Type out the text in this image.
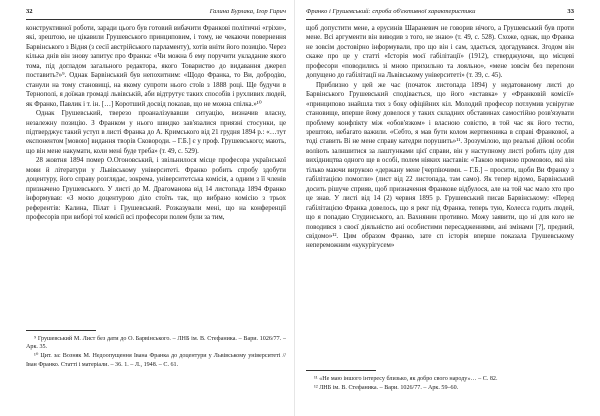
32	Галина Бурлака, Ігор Гирич

конструктивної роботи, заради цього був готовий вибачити Франкові політичні «гріхи», які, зрештою, не цікавили Грушевського принциповим, і тому, не чекаючи повернення Барвінського з Відня (з сесії австрійського парламенту), хотів вніти його позицію. Через кілька днів він знову запитує про Франка: «Чи можна б ему поручити укладание якого тома, під догладом загального редактора, якого Товариство до видавання джерел поставить?»⁹. Однак Барвінський був непохитним: «Щодо Франка, то Ви, добродію, станули на тому становищі, на якому супроти нього стоїв з 1888 році. Ще будучи в Тернополі, я доїжав громаді львівській, аби відтрутує таких способів і рухливих людей, як Франко, Павлик і т. ін. […] Коротший досвід показав, що не можна спілка.»¹⁰

Однак Грушевський, тверезо проаналізувавши ситуацію, визначив власну, незалежну позицію. З Франком у нього швидко зав'язалися приязні стосунки, це підтверджує такий уступ в листі Франка до А. Кримського від 21 грудня 1894 р.: «…тут експонентом [мовою] видання творів Сковороди. – Г.Б.] є у проф. Грушевського; мають, що він мене накумати, коли мені буде треба» (т. 49, с. 529).

28 жовтня 1894 помер О.Огоновський, і звільнилося місце професора української мови й літератури у Львівському університеті. Франко робить спробу здобути доцентуру, його справу розглядає, зокрема, університетська комісія, а одним з її членів призначено Грушевського. У листі до М. Драгоманова від 14 листопада 1894 Франко інформував: «З моєю доцентурою діло стоїть так, що вибрано комісію з трьох референтів: Калина, Пілат і Грушевський. Розказували мені, що на конференції професорів при виборі тої комісії всі професори полем були за тим,

⁹ Грушевський М. Лист без дати до О. Барвінського. – ЛНБ ім. В. Стефаника. – Вари. 1026/77. – Арк. 35.

¹⁰ Цит. за: Возняк М. Недоопущення Івана Франка до доцентури у Львівському університеті // Іван Франко. Статті і матеріали. – 36. 1. – Л., 1948. – С. 61.

Франко і Грушевський: спроба об'єктивної характеристики	33

щоб допустити мене, а ерусинів Шараневич не говорив нічого, а Грушевський був проти мене. Всі аргументи він виводив з того, не знаю» (т. 49, с. 528). Схоже, однак, що Франка не зовсім достовірно інформували, про що він і сам, здається, здогадувався. Згодом він скаже про це у статті «Історія моєї габілітації» (1912), стверджуючи, що місцеві професори «поводились зі мною прихильно та лояльно», «мене зовсім без перепони допущено до габілітації на Львівському університеті» (т. 39, с. 45).

Приблизно у цей же час (початок листопада 1894) у недатованому листі до Барвінського Грушевський сподівається, що його «вставка» у «Франковій комісії» «принципово знайшла тих з боку офіційних кіл. Молодий професор потлумив усвіругне становище, вперше йому довелося у таких складних обставинах самостійно розв'язувати проблему конфлікту між «обов'язком» і власною совістю, в той час як його тестю, зрештою, небагато важили. «Себто, я мав бути колом жертвенника в справі Франкової, а тоді ставить Ві не мене справу катедри порушить»¹¹. Зрозумілою, що реальні дійові особи воліють залишитися за лаштунками цієї справи, він у наступному листі робить цілу для вихідництва одного ще в особі, полем ніяких наставів: «Такою мирною промовою, які він тілько маючи вирукою «держану мене [черпіючими. – Г.Б.] – просити, щоби Ви Франку з габілітацією помогли» (лист від 22 листопада, там само). Як тепер відомо, Барвінський досить рішуче сприяв, щоб призначення Франкове відбулося, але на той час мало хто про це знав. У листі від 14 (2) червня 1895 р. Грушевський писав Барвінському: «Перед габілітацією Франка довелось, що я рекг під Франка, теперь тую, Колесса годить людей, що я попадаю Студинського, ал. Вахнянин противно. Можу заявити, що ні для кого не поводився з своєї діяльністю ані особистими пересадженнями, ані змінами [?], предний, свідомо»¹². Цим образом Франко, зате сп історія вперше показала Грушевському непереможним «кукурігусем»

¹¹ «Не маю іншого інтересу близько, як добро свого народу»… – С. 82.

¹² ЛНБ ім. В. Стефаника. – Вари. 1026/77. – Арк. 59–60.
